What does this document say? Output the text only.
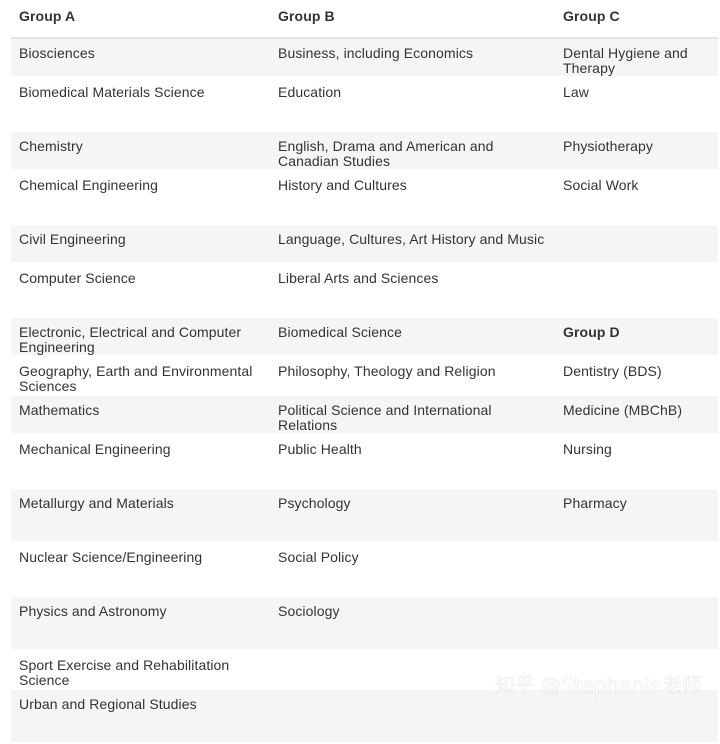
Group A	Group B	Group C
Biosciences	Business, including Economics	Dental Hygiene and Therapy
Biomedical Materials Science	Education	Law
Chemistry	English, Drama and American and Canadian Studies	Physiotherapy
Chemical Engineering	History and Cultures	Social Work
Civil Engineering	Language, Cultures, Art History and Music	
Computer Science	Liberal Arts and Sciences	
Electronic, Electrical and Computer Engineering	Biomedical Science	Group D
Geography, Earth and Environmental Sciences	Philosophy, Theology and Religion	Dentistry (BDS)
Mathematics	Political Science and International Relations	Medicine (MBChB)
Mechanical Engineering	Public Health	Nursing
Metallurgy and Materials	Psychology	Pharmacy
Nuclear Science/Engineering	Social Policy	
Physics and Astronomy	Sociology	
Sport Exercise and Rehabilitation Science		
Urban and Regional Studies		
知乎 @Stephanie老师
